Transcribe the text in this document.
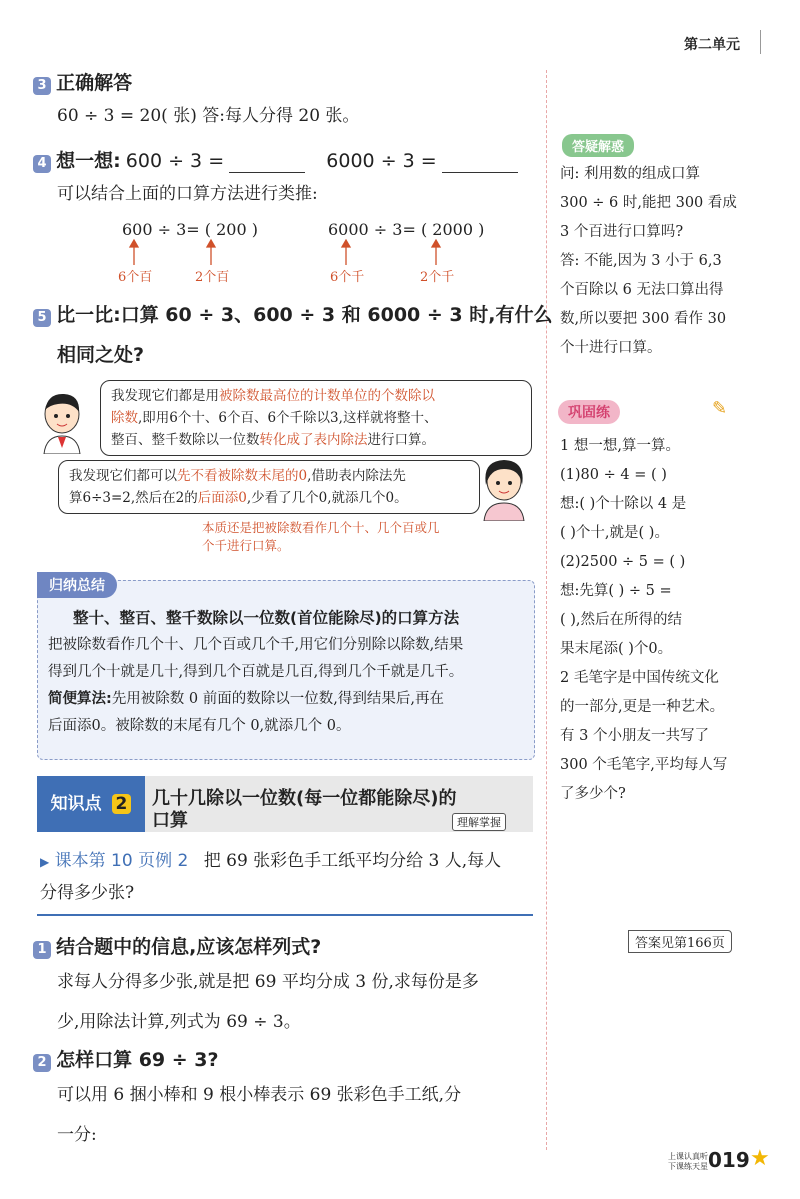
第二单元
3 正确解答
60 ÷ 3 = 20( 张) 答:每人分得 20 张。
4 想一想: 600 ÷ 3 =	6000 ÷ 3 =
可以结合上面的口算方法进行类推:
600 ÷ 3= ( 200 )	6000 ÷ 3= ( 2000 )
6个百	2个百	6个千	2个千
5 比一比:口算 60 ÷ 3、600 ÷ 3 和 6000 ÷ 3 时,有什么
相同之处?
我发现它们都是用被除数最高位的计数单位的个数除以
除数,即用6个十、6个百、6个千除以3,这样就将整十、
整百、整千数除以一位数转化成了表内除法进行口算。
我发现它们都可以先不看被除数末尾的0,借助表内除法先
算6÷3=2,然后在2的后面添0,少看了几个0,就添几个0。
本质还是把被除数看作几个十、几个百或几
个千进行口算。
归纳总结
整十、整百、整千数除以一位数(首位能除尽)的口算方法
把被除数看作几个十、几个百或几个千,用它们分别除以除数,结果
得到几个十就是几十,得到几个百就是几百,得到几个千就是几千。
简便算法:先用被除数 0 前面的数除以一位数,得到结果后,再在
后面添0。被除数的末尾有几个 0,就添几个 0。
知识点 2	几十几除以一位数(每一位都能除尽)的
口算	理解掌握
▶ 课本第 10 页例 2 把 69 张彩色手工纸平均分给 3 人,每人
分得多少张?
1 结合题中的信息,应该怎样列式?
求每人分得多少张,就是把 69 平均分成 3 份,求每份是多
少,用除法计算,列式为 69 ÷ 3。
2 怎样口算 69 ÷ 3?
可以用 6 捆小棒和 9 根小棒表示 69 张彩色手工纸,分
一分:
答疑解惑
问: 利用数的组成口算
300 ÷ 6 时,能把 300 看成
3 个百进行口算吗?
答: 不能,因为 3 小于 6,3
个百除以 6 无法口算出得
数,所以要把 300 看作 30
个十进行口算。
巩固练	✎
1 想一想,算一算。
(1)80 ÷ 4 = ( )
想:( )个十除以 4 是
( )个十,就是( )。
(2)2500 ÷ 5 = ( )
想:先算( ) ÷ 5 =
( ),然后在所得的结
果末尾添( )个0。
2 毛笔字是中国传统文化
的一部分,更是一种艺术。
有 3 个小朋友一共写了
300 个毛笔字,平均每人写
了多少个?
答案见第166页
上课认真听
下课练天星 019 ★
